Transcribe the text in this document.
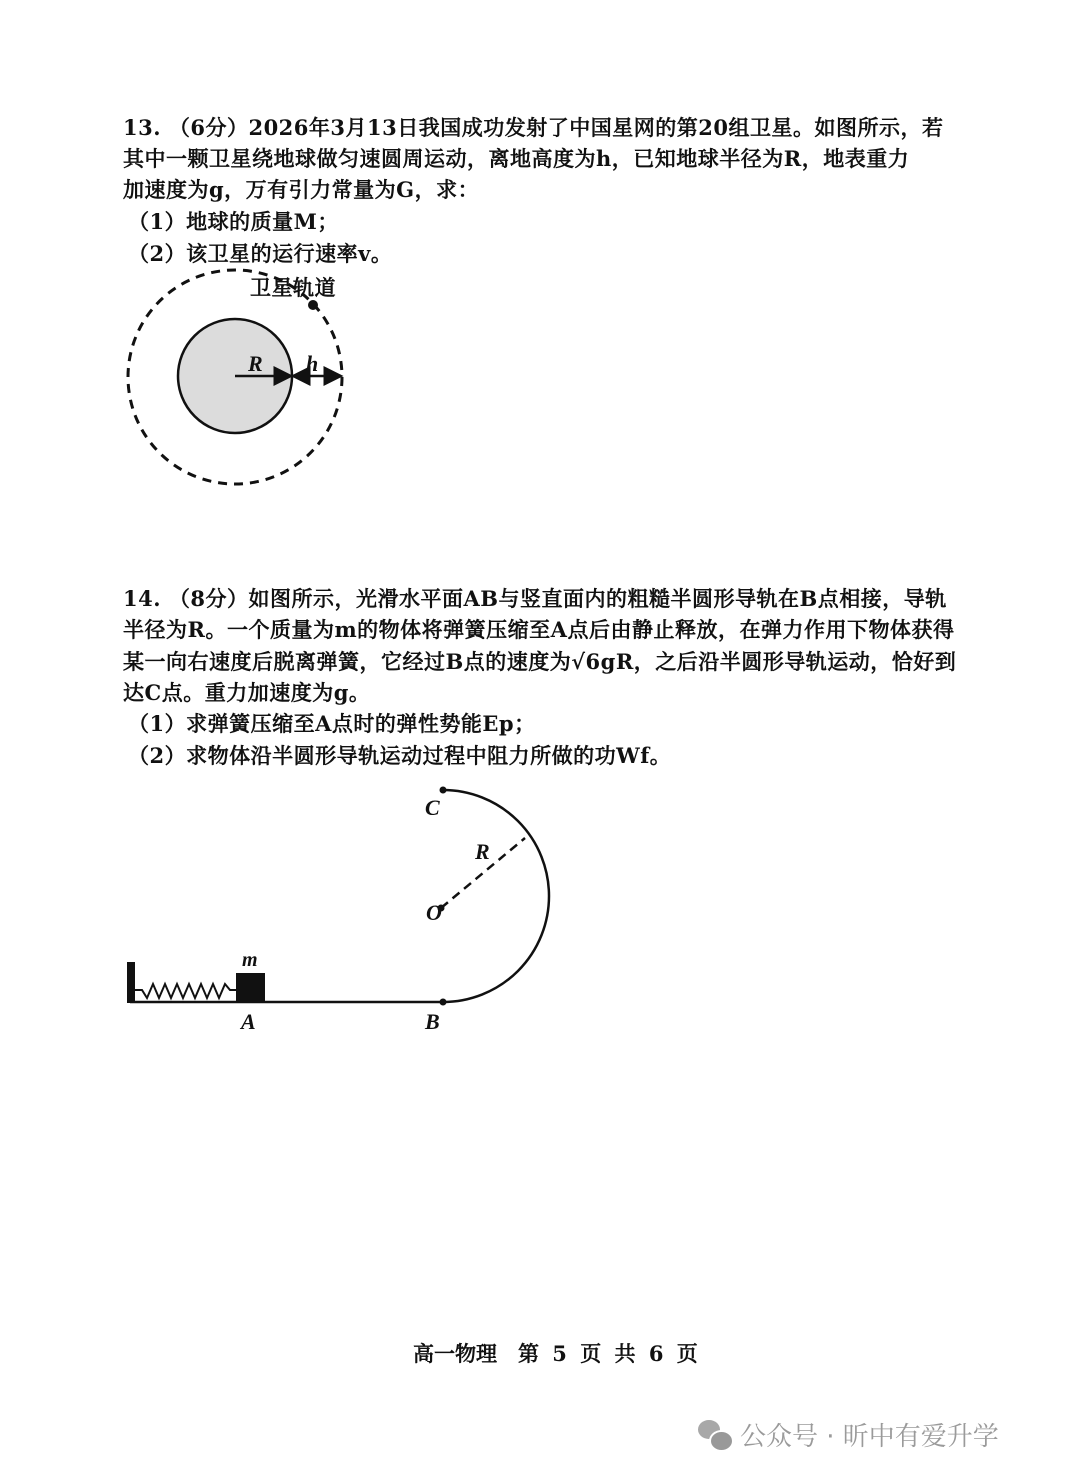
13. （6分）2026年3月13日我国成功发射了中国星网的第20组卫星。如图所示，若
其中一颗卫星绕地球做匀速圆周运动，离地高度为h，已知地球半径为R，地表重力
加速度为g，万有引力常量为G，求：
（1）地球的质量M；
（2）该卫星的运行速率v。
卫星轨道
R h
14. （8分）如图所示，光滑水平面AB与竖直面内的粗糙半圆形导轨在B点相接，导轨
半径为R。一个质量为m的物体将弹簧压缩至A点后由静止释放，在弹力作用下物体获得
某一向右速度后脱离弹簧，它经过B点的速度为√6gR，之后沿半圆形导轨运动，恰好到
达C点。重力加速度为g。
（1）求弹簧压缩至A点时的弹性势能Ep；
（2）求物体沿半圆形导轨运动过程中阻力所做的功Wf。
C
R
O
m
A	B
高一物理　第 5 页 共 6 页
公众号 · 昕中有爱升学
